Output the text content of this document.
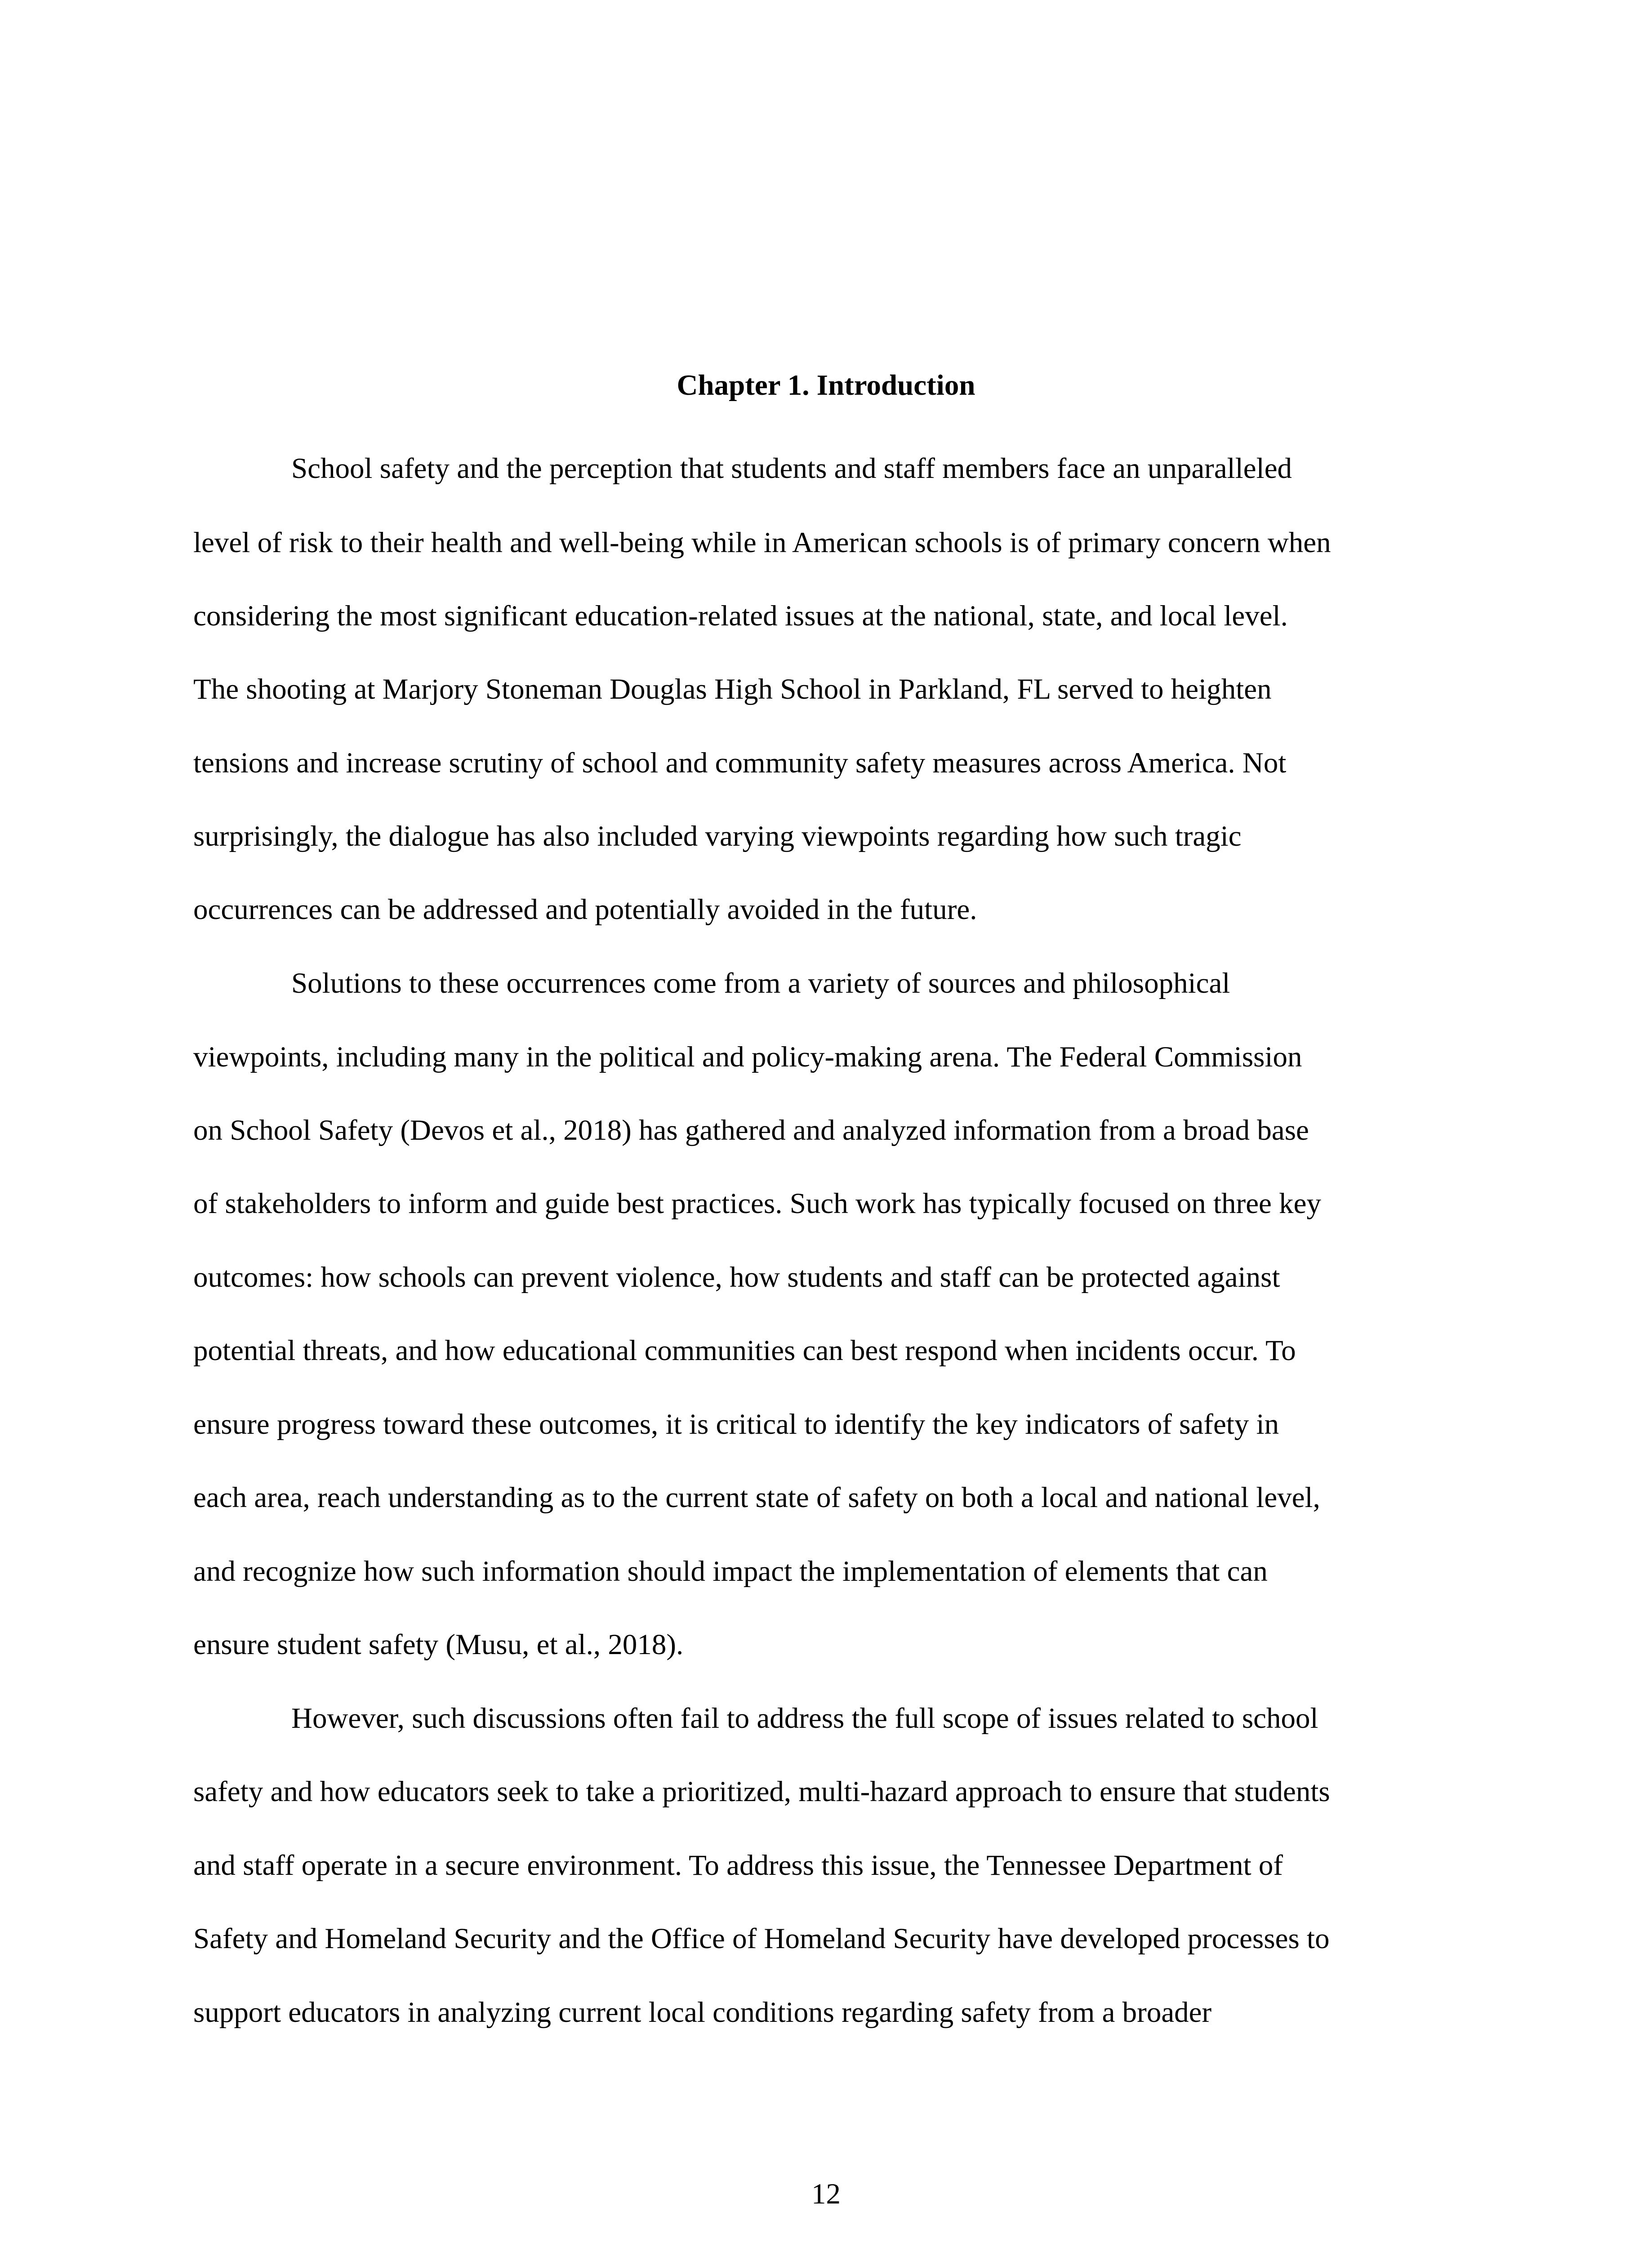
Chapter 1. Introduction
School safety and the perception that students and staff members face an unparalleled
level of risk to their health and well-being while in American schools is of primary concern when
considering the most significant education-related issues at the national, state, and local level.
The shooting at Marjory Stoneman Douglas High School in Parkland, FL served to heighten
tensions and increase scrutiny of school and community safety measures across America. Not
surprisingly, the dialogue has also included varying viewpoints regarding how such tragic
occurrences can be addressed and potentially avoided in the future.
Solutions to these occurrences come from a variety of sources and philosophical
viewpoints, including many in the political and policy-making arena. The Federal Commission
on School Safety (Devos et al., 2018) has gathered and analyzed information from a broad base
of stakeholders to inform and guide best practices. Such work has typically focused on three key
outcomes: how schools can prevent violence, how students and staff can be protected against
potential threats, and how educational communities can best respond when incidents occur. To
ensure progress toward these outcomes, it is critical to identify the key indicators of safety in
each area, reach understanding as to the current state of safety on both a local and national level,
and recognize how such information should impact the implementation of elements that can
ensure student safety (Musu, et al., 2018).
However, such discussions often fail to address the full scope of issues related to school
safety and how educators seek to take a prioritized, multi-hazard approach to ensure that students
and staff operate in a secure environment. To address this issue, the Tennessee Department of
Safety and Homeland Security and the Office of Homeland Security have developed processes to
support educators in analyzing current local conditions regarding safety from a broader
12
